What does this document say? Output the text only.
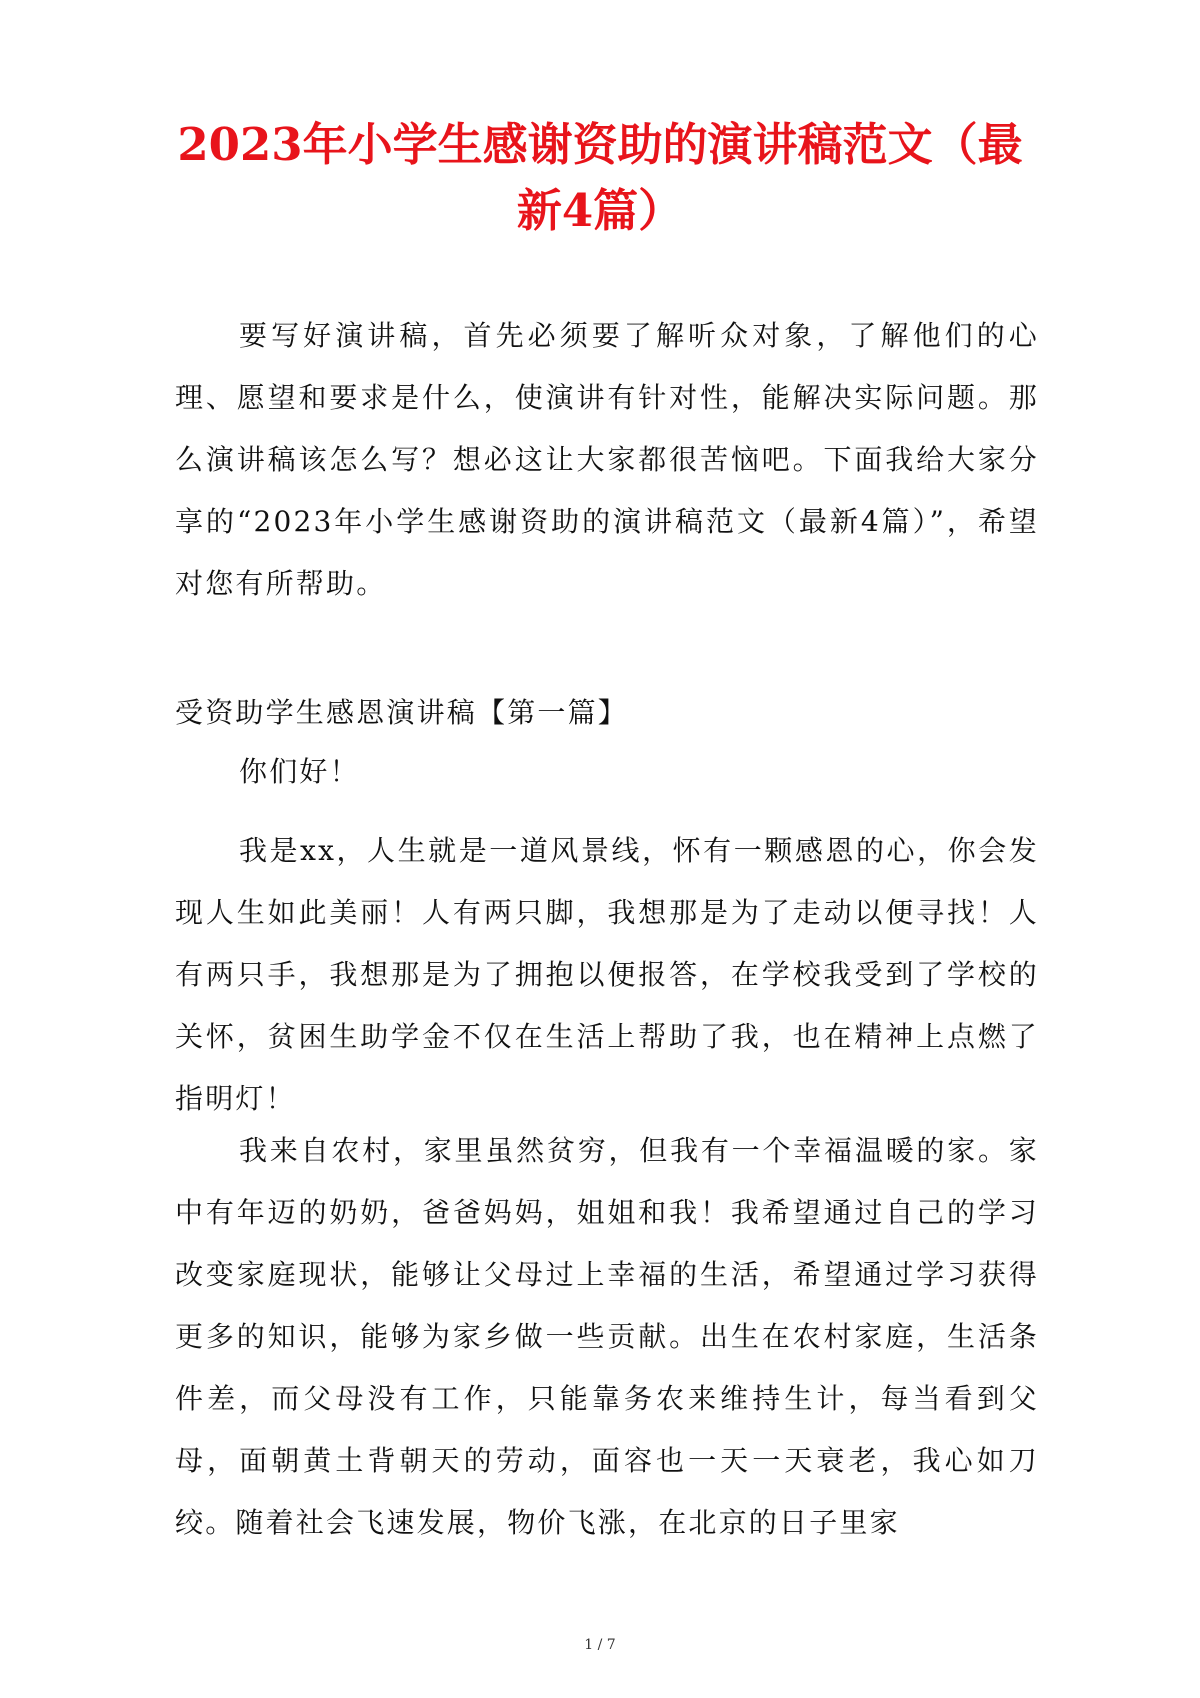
2023年小学生感谢资助的演讲稿范文（最新4篇）

要写好演讲稿，首先必须要了解听众对象，了解他们的心理、愿望和要求是什么，使演讲有针对性，能解决实际问题。那么演讲稿该怎么写？想必这让大家都很苦恼吧。下面我给大家分享的“2023年小学生感谢资助的演讲稿范文（最新4篇）”，希望对您有所帮助。

受资助学生感恩演讲稿【第一篇】

你们好！

我是xx，人生就是一道风景线，怀有一颗感恩的心，你会发现人生如此美丽！人有两只脚，我想那是为了走动以便寻找！人有两只手，我想那是为了拥抱以便报答，在学校我受到了学校的关怀，贫困生助学金不仅在生活上帮助了我，也在精神上点燃了指明灯！

我来自农村，家里虽然贫穷，但我有一个幸福温暖的家。家中有年迈的奶奶，爸爸妈妈，姐姐和我！我希望通过自己的学习改变家庭现状，能够让父母过上幸福的生活，希望通过学习获得更多的知识，能够为家乡做一些贡献。出生在农村家庭，生活条件差，而父母没有工作，只能靠务农来维持生计，每当看到父母，面朝黄土背朝天的劳动，面容也一天一天衰老，我心如刀绞。随着社会飞速发展，物价飞涨，在北京的日子里家

1 / 7
